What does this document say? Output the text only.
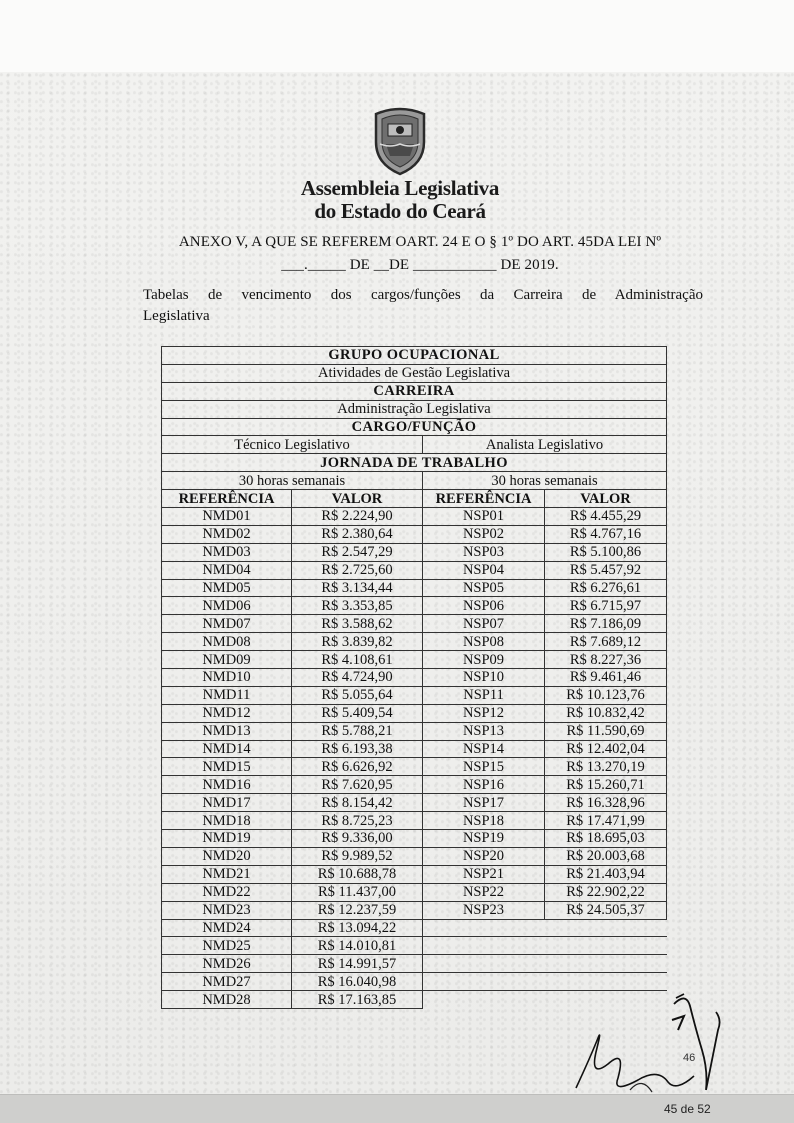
Assembleia Legislativa
do Estado do Ceará
ANEXO V, A QUE SE REFEREM OART. 24 E O § 1º DO ART. 45DA LEI Nº
___._____ DE __DE ___________ DE 2019.
Tabelas de vencimento dos cargos/funções da Carreira de Administração Legislativa
GRUPO OCUPACIONAL			
Atividades de Gestão Legislativa			
CARREIRA			
Administração Legislativa			
CARGO/FUNÇÃO			
Técnico Legislativo		Analista Legislativo	
JORNADA DE TRABALHO			
30 horas semanais		30 horas semanais	
REFERÊNCIA	VALOR	REFERÊNCIA	VALOR
NMD01	R$ 2.224,90	NSP01	R$ 4.455,29
NMD02	R$ 2.380,64	NSP02	R$ 4.767,16
NMD03	R$ 2.547,29	NSP03	R$ 5.100,86
NMD04	R$ 2.725,60	NSP04	R$ 5.457,92
NMD05	R$ 3.134,44	NSP05	R$ 6.276,61
NMD06	R$ 3.353,85	NSP06	R$ 6.715,97
NMD07	R$ 3.588,62	NSP07	R$ 7.186,09
NMD08	R$ 3.839,82	NSP08	R$ 7.689,12
NMD09	R$ 4.108,61	NSP09	R$ 8.227,36
NMD10	R$ 4.724,90	NSP10	R$ 9.461,46
NMD11	R$ 5.055,64	NSP11	R$ 10.123,76
NMD12	R$ 5.409,54	NSP12	R$ 10.832,42
NMD13	R$ 5.788,21	NSP13	R$ 11.590,69
NMD14	R$ 6.193,38	NSP14	R$ 12.402,04
NMD15	R$ 6.626,92	NSP15	R$ 13.270,19
NMD16	R$ 7.620,95	NSP16	R$ 15.260,71
NMD17	R$ 8.154,42	NSP17	R$ 16.328,96
NMD18	R$ 8.725,23	NSP18	R$ 17.471,99
NMD19	R$ 9.336,00	NSP19	R$ 18.695,03
NMD20	R$ 9.989,52	NSP20	R$ 20.003,68
NMD21	R$ 10.688,78	NSP21	R$ 21.403,94
NMD22	R$ 11.437,00	NSP22	R$ 22.902,22
NMD23	R$ 12.237,59	NSP23	R$ 24.505,37
NMD24	R$ 13.094,22		
NMD25	R$ 14.010,81		
NMD26	R$ 14.991,57		
NMD27	R$ 16.040,98		
NMD28	R$ 17.163,85		
46
45 de 52
